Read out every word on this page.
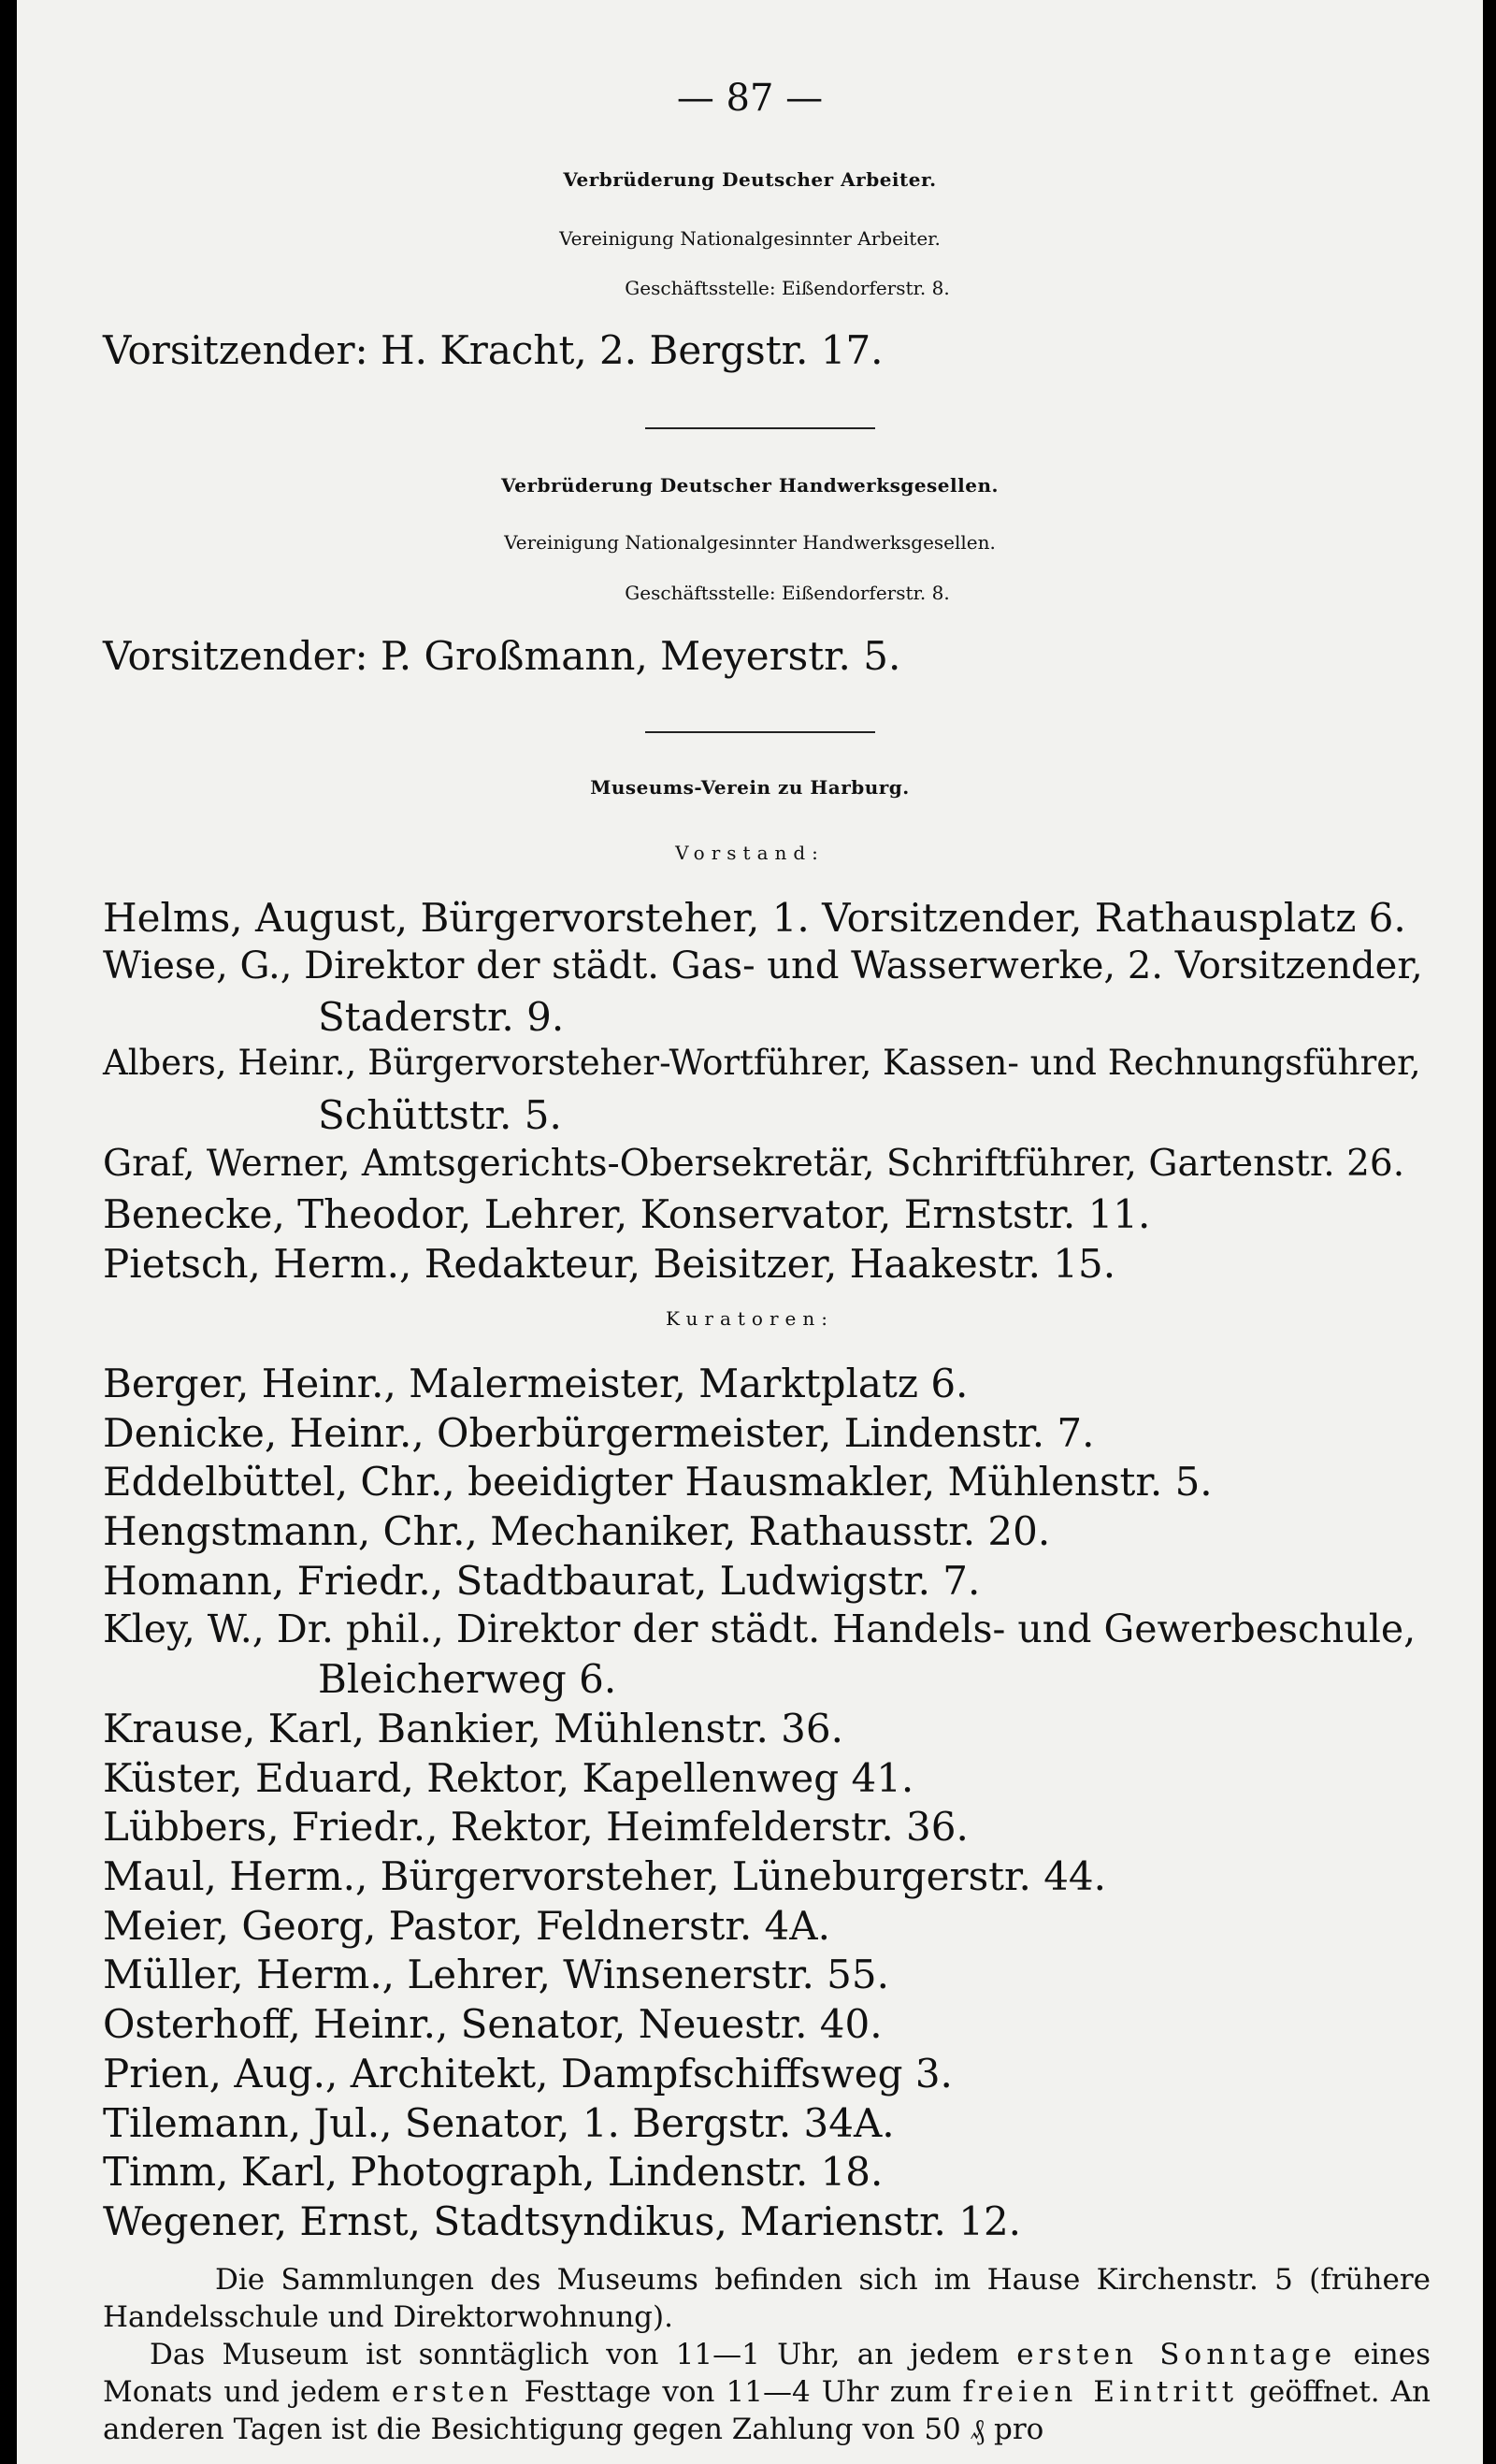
— 87 —
Verbrüderung Deutscher Arbeiter.
Vereinigung Nationalgesinnter Arbeiter.
Geschäftsstelle: Eißendorferstr. 8.
Vorsitzender: H. Kracht, 2. Bergstr. 17.
Verbrüderung Deutscher Handwerksgesellen.
Vereinigung Nationalgesinnter Handwerksgesellen.
Geschäftsstelle: Eißendorferstr. 8.
Vorsitzender: P. Großmann, Meyerstr. 5.
Museums-Verein zu Harburg.
Vorstand:
Helms, August, Bürgervorsteher, 1. Vorsitzender, Rathausplatz 6.
Wiese, G., Direktor der städt. Gas- und Wasserwerke, 2. Vorsitzender,
Staderstr. 9.
Albers, Heinr., Bürgervorsteher-Wortführer, Kassen- und Rechnungsführer,
Schüttstr. 5.
Graf, Werner, Amtsgerichts-Obersekretär, Schriftführer, Gartenstr. 26.
Benecke, Theodor, Lehrer, Konservator, Ernststr. 11.
Pietsch, Herm., Redakteur, Beisitzer, Haakestr. 15.
Kuratoren:
Berger, Heinr., Malermeister, Marktplatz 6.
Denicke, Heinr., Oberbürgermeister, Lindenstr. 7.
Eddelbüttel, Chr., beeidigter Hausmakler, Mühlenstr. 5.
Hengstmann, Chr., Mechaniker, Rathausstr. 20.
Homann, Friedr., Stadtbaurat, Ludwigstr. 7.
Kley, W., Dr. phil., Direktor der städt. Handels- und Gewerbeschule,
Bleicherweg 6.
Krause, Karl, Bankier, Mühlenstr. 36.
Küster, Eduard, Rektor, Kapellenweg 41.
Lübbers, Friedr., Rektor, Heimfelderstr. 36.
Maul, Herm., Bürgervorsteher, Lüneburgerstr. 44.
Meier, Georg, Pastor, Feldnerstr. 4A.
Müller, Herm., Lehrer, Winsenerstr. 55.
Osterhoff, Heinr., Senator, Neuestr. 40.
Prien, Aug., Architekt, Dampfschiffsweg 3.
Tilemann, Jul., Senator, 1. Bergstr. 34A.
Timm, Karl, Photograph, Lindenstr. 18.
Wegener, Ernst, Stadtsyndikus, Marienstr. 12.

Die Sammlungen des Museums befinden sich im Hause Kirchenstr. 5 (frühere Handelsschule und Direktorwohnung).

Das Museum ist sonntäglich von 11—1 Uhr, an jedem ersten Sonntage eines Monats und jedem ersten Festtage von 11—4 Uhr zum freien Eintritt geöffnet. An anderen Tagen ist die Besichtigung gegen Zahlung von 50 ₰ pro
